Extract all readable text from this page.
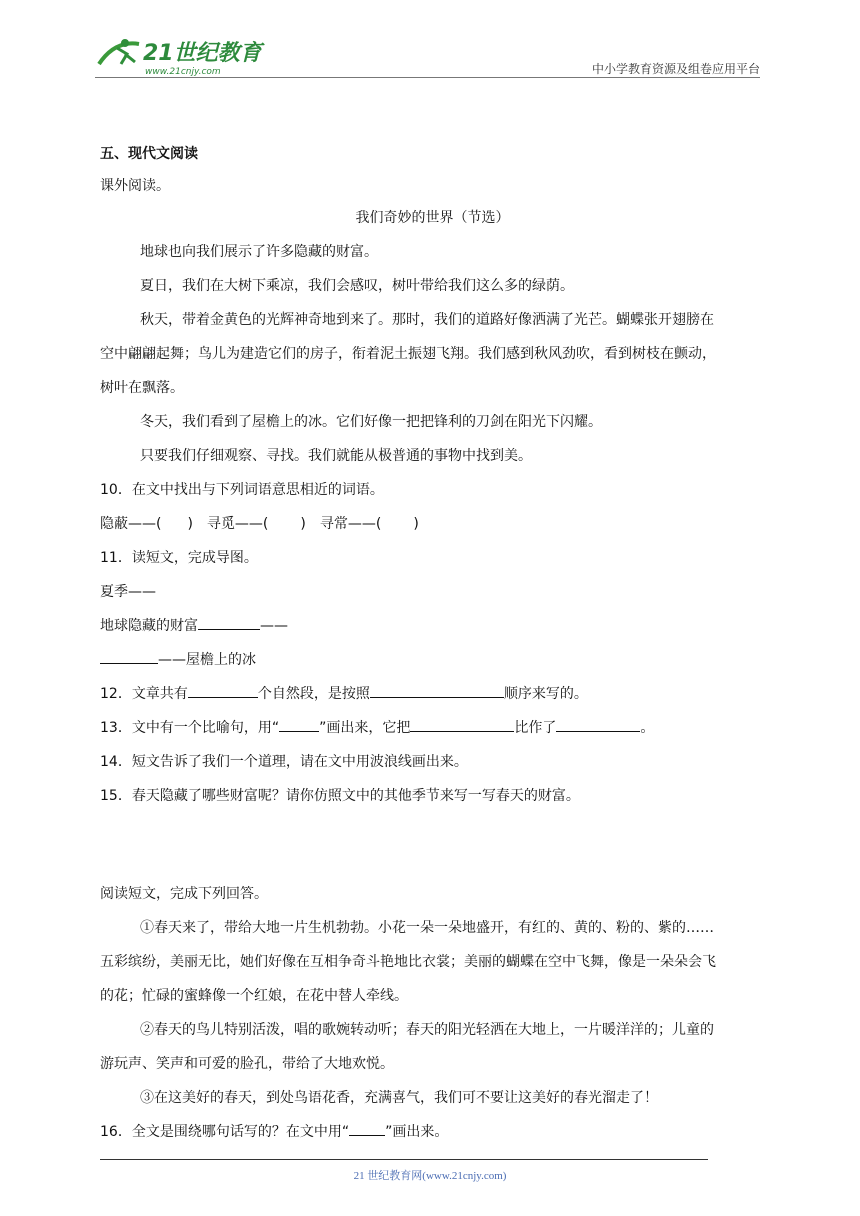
21世纪教育
www.21cnjy.com	中小学教育资源及组卷应用平台
五、现代文阅读
课外阅读。
我们奇妙的世界（节选）
地球也向我们展示了许多隐藏的财富。
夏日，我们在大树下乘凉，我们会感叹，树叶带给我们这么多的绿荫。
秋天，带着金黄色的光辉神奇地到来了。那时，我们的道路好像洒满了光芒。蝴蝶张开翅膀在
空中翩翩起舞；鸟儿为建造它们的房子，衔着泥土振翅飞翔。我们感到秋风劲吹，看到树枝在颤动，
树叶在飘落。
冬天，我们看到了屋檐上的冰。它们好像一把把锋利的刀剑在阳光下闪耀。
只要我们仔细观察、寻找。我们就能从极普通的事物中找到美。
10．在文中找出与下列词语意思相近的词语。
隐蔽——( )　寻觅——( )　寻常——( )
11．读短文，完成导图。
夏季——
地球隐藏的财富	——
——屋檐上的冰
12．文章共有	个自然段，是按照	顺序来写的。
13．文中有一个比喻句，用“	”画出来，它把	比作了	。
14．短文告诉了我们一个道理，请在文中用波浪线画出来。
15．春天隐藏了哪些财富呢？请你仿照文中的其他季节来写一写春天的财富。
阅读短文，完成下列回答。
①春天来了，带给大地一片生机勃勃。小花一朵一朵地盛开，有红的、黄的、粉的、紫的……
五彩缤纷，美丽无比，她们好像在互相争奇斗艳地比衣裳；美丽的蝴蝶在空中飞舞，像是一朵朵会飞
的花；忙碌的蜜蜂像一个红娘，在花中替人牵线。
②春天的鸟儿特别活泼，唱的歌婉转动听；春天的阳光轻洒在大地上，一片暖洋洋的；儿童的
游玩声、笑声和可爱的脸孔，带给了大地欢悦。
③在这美好的春天，到处鸟语花香，充满喜气，我们可不要让这美好的春光溜走了！
16．全文是围绕哪句话写的？在文中用“	”画出来。
21 世纪教育网(www.21cnjy.com)
